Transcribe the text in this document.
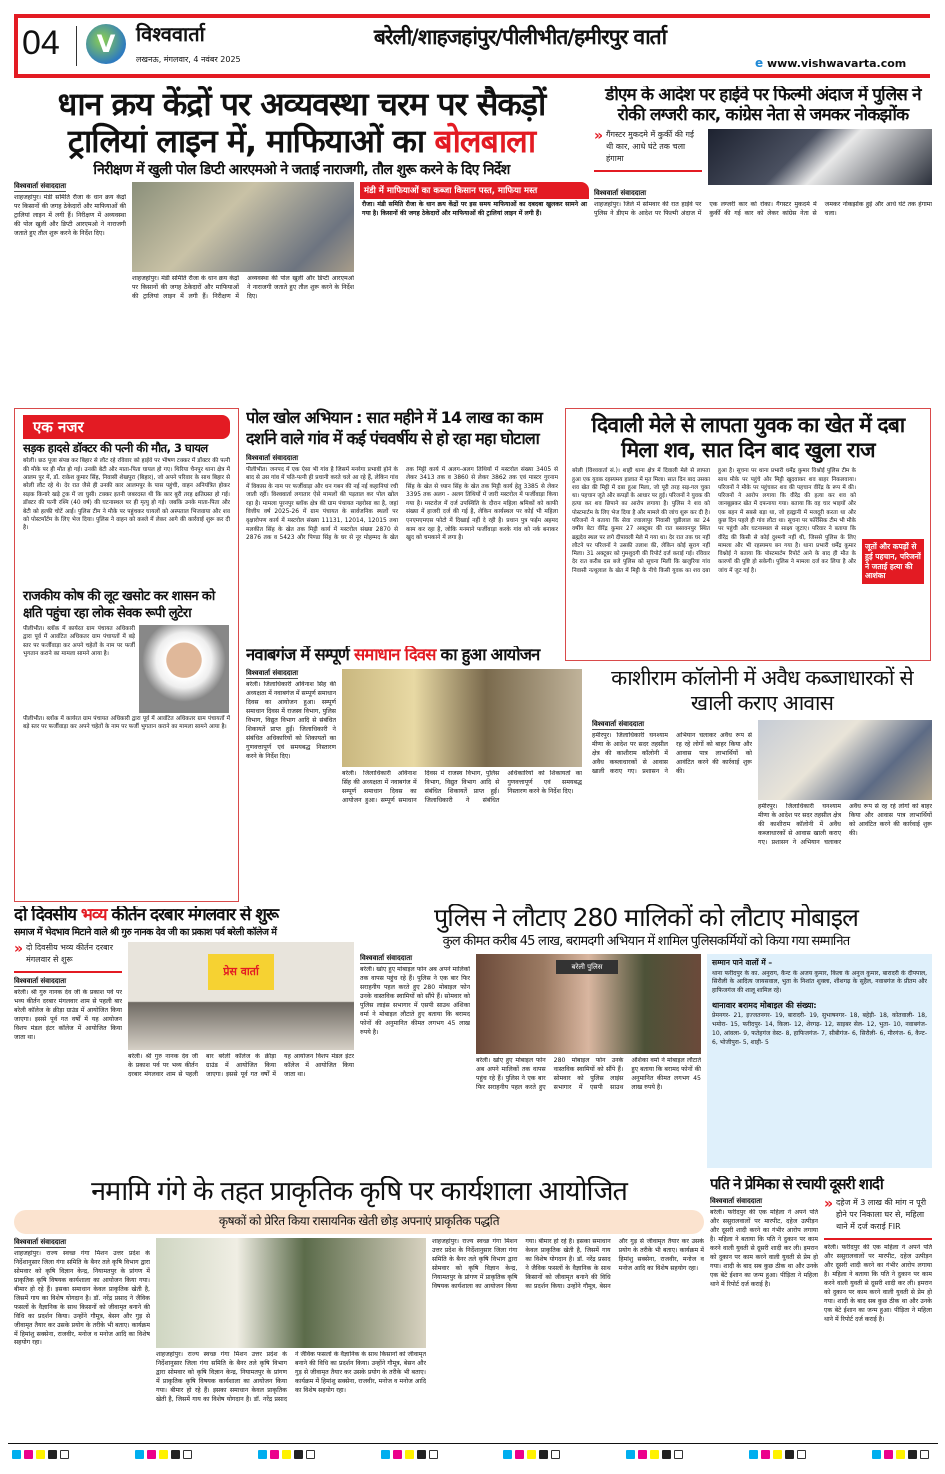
04	V	विश्ववार्ता
लखनऊ, मंगलवार, 4 नवंबर 2025
बरेली/शाहजहांपुर/पीलीभीत/हमीरपुर वार्ता
e www.vishwavarta.com
धान क्रय केंद्रों पर अव्यवस्था चरम पर सैकड़ों
ट्रालियां लाइन में, माफियाओं का बोलबाला
निरीक्षण में खुली पोल डिप्टी आरएमओ ने जताई नाराजगी, तौल शुरू करने के दिए निर्देश
विश्ववार्ता संवाददाता
शाहजहांपुर। मंडी समिति रौजा के धान क्रय केंद्रों पर किसानों की जगह ठेकेदारों और माफियाओं की ट्रालियां लाइन में लगी हैं। निरीक्षण में अव्यवस्था की पोल खुली और डिप्टी आरएमओ ने नाराजगी जताते हुए तौल शुरू करने के निर्देश दिए।
शाहजहांपुर। मंडी समिति रौजा के धान क्रय केंद्रों पर किसानों की जगह ठेकेदारों और माफियाओं की ट्रालियां लाइन में लगी हैं। निरीक्षण में अव्यवस्था की पोल खुली और डिप्टी आरएमओ ने नाराजगी जताते हुए तौल शुरू करने के निर्देश दिए।
मंडी में माफियाओं का कब्जा किसान पस्त, माफिया मस्त
रौजा। मंडी समिति रौजा के धान क्रय केंद्रों पर इस समय माफियाओं का दबदबा खुलकर सामने आ गया है। किसानों की जगह ठेकेदारों और माफियाओं की ट्रालियां लाइन में लगी हैं।
डीएम के आदेश पर हाईवे पर फिल्मी अंदाज में पुलिस ने रोकी लग्जरी कार, कांग्रेस नेता से जमकर नोकझोंक
» गैंगस्टर मुकदमे में कुर्की की गई थी कार, आधे घंटे तक चला हंगामा
विश्ववार्ता संवाददाता
शाहजहांपुर। जिले में सोमवार की रात हाईवे पर पुलिस ने डीएम के आदेश पर फिल्मी अंदाज में एक लग्जरी कार को रोका। गैंगस्टर मुकदमे में कुर्की की गई कार को लेकर कांग्रेस नेता से जमकर नोकझोंक हुई और आधे घंटे तक हंगामा चला।
एक नजर
सड़क हादसे डॉक्टर की पत्नी की मौत, 3 घायल
बरेली। छठ पूजा संपन्न कर बिहार से लौट रहे रविवार को हाईवे पर भीषण टक्कर में डॉक्टर की पत्नी की मौके पर ही मौत हो गई। उनकी बेटी और माता-पिता घायल हो गए। थिरिया चैनपुर थाना क्षेत्र में आलम पुर में, डॉ. राकेश कुमार सिंह, निवासी शेखपुरा (बिहार), जो अपने परिवार के साथ बिहार से बरेली लौट रहे थे। देर रात जैसे ही उनकी कार आलमपुर के पास पहुंची, वाहन अनियंत्रित होकर सड़क किनारे खड़े ट्रक में जा घुसी। टक्कर इतनी जबरदस्त थी कि कार बुरी तरह क्षतिग्रस्त हो गई। डॉक्टर की पत्नी रश्मि (40 वर्ष) की घटनास्थल पर ही मृत्यु हो गई। जबकि उनके माता-पिता और बेटी को हल्की चोटें आईं। पुलिस टीम ने मौके पर पहुंचकर घायलों को अस्पताल भिजवाया और शव को पोस्टमॉर्टम के लिए भेज दिया। पुलिस ने वाहन को कब्जे में लेकर आगे की कार्रवाई शुरू कर दी है।
राजकीय कोष की लूट खसोट कर शासन को क्षति पहुंचा रहा लोक सेवक रूपी लुटेरा
पीलीभीत। ब्लॉक में कार्यरत ग्राम पंचायत अधिकारी द्वारा पूर्व में आवंटित अधिकतर ग्राम पंचायतों में बड़े स्तर पर फर्जीवाड़ा कर अपने चहेतों के नाम पर फर्जी भुगतान कराने का मामला सामने आया है।
पीलीभीत। ब्लॉक में कार्यरत ग्राम पंचायत अधिकारी द्वारा पूर्व में आवंटित अधिकतर ग्राम पंचायतों में बड़े स्तर पर फर्जीवाड़ा कर अपने चहेतों के नाम पर फर्जी भुगतान कराने का मामला सामने आया है।
पोल खोल अभियान : सात महीने में 14 लाख का काम दर्शाने वाले गांव में कई पंचवर्षीय से हो रहा महा घोटाला
विश्ववार्ता संवाददाता
पीलीभीत। जनपद में एक ऐसा भी गांव है जिसमें मनरेगा प्रभावी होने के बाद से उस गांव में पति-पत्नी ही प्रधानी करते चले आ रहे हैं, लेकिन गांव में विकास के नाम पर फर्जीवाड़ा और धन गबन की नई नई कहानियां रची जाती रहीं। विश्ववार्ता लगातार ऐसे मामलों की पड़ताल कर पोल खोल रहा है। मामला पूरनपुर ब्लॉक क्षेत्र की ग्राम पंचायत नहरोसा का है, जहां वित्तीय वर्ष 2025-26 में ग्राम पंचायत के सार्वजनिक स्थलों पर वृक्षारोपण कार्य में मस्टरोल संख्या 11131, 12014, 12015 तथा मलकीत सिंह के खेत तक मिट्टी कार्य में मस्टरोल संख्या 2870 से 2876 तक व 5423 और पिण्डा सिंह के घर से नूर मोहम्मद के खेत तक मिट्टी कार्य में अलग-अलग तिथियों में मस्टरोल संख्या 3405 से लेकर 3413 तक व 3860 से लेकर 3862 तक एवं मास्टर गुरनाम सिंह के खेत से ध्यान सिंह के खेत तक मिट्टी कार्य हेतु 3385 से लेकर 3395 तक अलग - अलग तिथियों में जारी मस्टरोल में फर्जीवाड़ा किया गया है। मस्टरोल में दर्ज उपस्थिति के दौरान महिला श्रमिकों को काफी संख्या में हाजरी दर्ज की गई है, लेकिन कार्यस्थल पर कोई भी महिला एनएमएमएस फोटो में दिखाई नहीं दे रही है। प्रधान पुत्र फईम अहमद काम कर रहा है, जोकि मनमाने फर्जीवाड़ा करके गांव को नर्क बनाकर खुद को चमकाने में लगा है।
दिवाली मेले से लापता युवक का खेत में दबा मिला शव, सात दिन बाद खुला राज
बरेली (विश्ववार्ता सं.)। शाही थाना क्षेत्र में दिवाली मेले से लापता हुआ एक युवक रहस्यमय हालात में मृत मिला। सात दिन बाद उसका शव खेत की मिट्टी में दबा हुआ मिला, जो पूरी तरह सड़-गल चुका था। पहचान जूते और कपड़ों के आधार पर हुई। परिजनों ने युवक की हत्या कर शव छिपाने का आरोप लगाया है। पुलिस ने शव को पोस्टमार्टम के लिए भेज दिया है और मामले की जांच शुरू कर दी है। परिजनों ने बताया कि सेवा ज्वालापुर निवासी चुन्नीलाल का 24 वर्षीय बेटा वीरेंद्र कुमार 27 अक्टूबर की रात बसावनपुर स्थित ब्रह्मदेव स्थल पर लगे दीपावली मेले में गया था। देर रात तक घर नहीं लौटने पर परिजनों ने उसकी तलाश की, लेकिन कोई सुराग नहीं मिला। 31 अक्टूबर को गुमशुदगी की रिपोर्ट दर्ज कराई गई। रविवार देर रात करीब दस बजे पुलिस को सूचना मिली कि खजुरिया गांव निवासी नत्थूलाल के खेत में मिट्टी के नीचे किसी युवक का शव दबा हुआ है। सूचना पर थाना प्रभारी धर्मेंद्र कुमार विश्नोई पुलिस टीम के साथ मौके पर पहुंचे और मिट्टी खुदवाकर शव बाहर निकलवाया। परिजनों ने मौके पर पहुंचकर शव की पहचान वीरेंद्र के रूप में की। परिजनों ने आरोप लगाया कि वीरेंद्र की हत्या कर शव को जानबूझकर खेत में दफनाया गया। बताया कि वह चार भाइयों और एक बहन में सबसे बड़ा था, जो हल्द्वानी में मजदूरी करता था और कुछ दिन पहले ही गांव लौटा था। सूचना पर फॉरेंसिक टीम भी मौके पर पहुंची और घटनास्थल से साक्ष्य जुटाए। परिवार ने बताया कि वीरेंद्र की किसी से कोई दुश्मनी नहीं थी, जिससे पुलिस के लिए मामला और भी रहस्यमय बन गया है। थाना प्रभारी धर्मेंद्र कुमार विश्नोई ने बताया कि पोस्टमार्टम रिपोर्ट आने के बाद ही मौत के कारणों की पुष्टि हो सकेगी। पुलिस ने मामला दर्ज कर लिया है और जांच में जुट गई है।
जूतों और कपड़ों से हुई पहचान, परिजनों ने जताई हत्या की आशंका
नवाबगंज में सम्पूर्ण समाधान दिवस का हुआ आयोजन
विश्ववार्ता संवाददाता
बरेली। जिलाधिकारी अविनाश सिंह की अध्यक्षता में नवाबगंज में सम्पूर्ण समाधान दिवस का आयोजन हुआ। सम्पूर्ण समाधान दिवस में राजस्व विभाग, पुलिस विभाग, विद्युत विभाग आदि से संबंधित शिकायतें प्राप्त हुईं। जिलाधिकारी ने संबंधित अधिकारियों को शिकायतों का गुणवत्तापूर्ण एवं समयबद्ध निस्तारण करने के निर्देश दिए।
बरेली। जिलाधिकारी अविनाश सिंह की अध्यक्षता में नवाबगंज में सम्पूर्ण समाधान दिवस का आयोजन हुआ। सम्पूर्ण समाधान दिवस में राजस्व विभाग, पुलिस विभाग, विद्युत विभाग आदि से संबंधित शिकायतें प्राप्त हुईं। जिलाधिकारी ने संबंधित अधिकारियों को शिकायतों का गुणवत्तापूर्ण एवं समयबद्ध निस्तारण करने के निर्देश दिए।
काशीराम कॉलोनी में अवैध कब्जाधारकों से खाली कराए आवास
विश्ववार्ता संवाददाता
हमीरपुर। जिलाधिकारी घनश्याम मीणा के आदेश पर सदर तहसील क्षेत्र की काशीराम कॉलोनी में अवैध कब्जाधारकों से आवास खाली कराए गए। प्रशासन ने अभियान चलाकर अवैध रूप से रह रहे लोगों को बाहर किया और आवास पात्र लाभार्थियों को आवंटित करने की कार्रवाई शुरू की।
हमीरपुर। जिलाधिकारी घनश्याम मीणा के आदेश पर सदर तहसील क्षेत्र की काशीराम कॉलोनी में अवैध कब्जाधारकों से आवास खाली कराए गए। प्रशासन ने अभियान चलाकर अवैध रूप से रह रहे लोगों को बाहर किया और आवास पात्र लाभार्थियों को आवंटित करने की कार्रवाई शुरू की।
दो दिवसीय भव्य कीर्तन दरबार मंगलवार से शुरू
समाज में भेदभाव मिटाने वाले श्री गुरु नानक देव जी का प्रकाश पर्व बरेली कॉलेज में
» दो दिवसीय भव्य कीर्तन दरबार मंगलवार से शुरू
विश्ववार्ता संवाददाता
बरेली। श्री गुरु नानक देव जी के प्रकाश पर्व पर भव्य कीर्तन दरबार मंगलवार शाम से पहली बार बरेली कॉलेज के क्रीड़ा ग्राउंड में आयोजित किया जाएगा। इससे पूर्व गत वर्षों में यह आयोजन विशप मंडल इंटर कॉलेज में आयोजित किया जाता था।
प्रेस वार्ता
बरेली। श्री गुरु नानक देव जी के प्रकाश पर्व पर भव्य कीर्तन दरबार मंगलवार शाम से पहली बार बरेली कॉलेज के क्रीड़ा ग्राउंड में आयोजित किया जाएगा। इससे पूर्व गत वर्षों में यह आयोजन विशप मंडल इंटर कॉलेज में आयोजित किया जाता था।
पुलिस ने लौटाए 280 मालिकों को लौटाए मोबाइल
कुल कीमत करीब 45 लाख, बरामदगी अभियान में शामिल पुलिसकर्मियों को किया गया सम्मानित
विश्ववार्ता संवाददाता
बरेली। खोए हुए मोबाइल फोन अब अपने मालिकों तक वापस पहुंच रहे हैं। पुलिस ने एक बार फिर सराहनीय पहल करते हुए 280 मोबाइल फोन उनके वास्तविक स्वामियों को सौंपे हैं। सोमवार को पुलिस लाइंस सभागार में एसपी साउथ अंशिका वर्मा ने मोबाइल लौटाते हुए बताया कि बरामद फोनों की अनुमानित कीमत लगभग 45 लाख रुपये है।
बरेली पुलिस
बरेली। खोए हुए मोबाइल फोन अब अपने मालिकों तक वापस पहुंच रहे हैं। पुलिस ने एक बार फिर सराहनीय पहल करते हुए 280 मोबाइल फोन उनके वास्तविक स्वामियों को सौंपे हैं। सोमवार को पुलिस लाइंस सभागार में एसपी साउथ अंशिका वर्मा ने मोबाइल लौटाते हुए बताया कि बरामद फोनों की अनुमानित कीमत लगभग 45 लाख रुपये है।
सम्मान पाने वालों में –
थाना फरीदपुर के का. अनुराग, कैन्ट के अजय कुमार, किला के अनुज कुमार, बारादरी के दीपपाल, सिरौली के आदित्य जायसवाल, भुता के निशांत शुक्ला, शीशगढ़ के सुहैल, नवाबगंज के प्रीतम और हाफिजगंज की शालू शामिल रहे।
थानावार बरामद मोबाइल की संख्या:
प्रेमनगर- 21, इज्जतनगर- 19, बारादरी- 19, सुभाषनगर- 18, बहेड़ी- 18, कोतवाली- 18, भमोरा- 15, फरीदपुर- 14, किला- 12, शेरगढ़- 12, साइबर सेल- 12, भुता- 10, नवाबगंज- 10, आंवला- 9, फतेहगंज वेस्ट- 8, हाफिजगंज- 7, सीबीगंज- 6, सिरौली- 6, मीरगंज- 6, कैन्ट- 6, भोजीपुरा- 5, शाही- 5
नमामि गंगे के तहत प्राकृतिक कृषि पर कार्यशाला आयोजित
कृषकों को प्रेरित किया रासायनिक खेती छोड़ अपनाएं प्राकृतिक पद्धति
विश्ववार्ता संवाददाता
शाहजहांपुर। राज्य स्वच्छ गंगा मिशन उत्तर प्रदेश के निर्देशानुसार जिला गंगा समिति के बैनर तले कृषि विभाग द्वारा सोमवार को कृषि विज्ञान केन्द्र, नियामतपुर के प्रांगण में प्राकृतिक कृषि विषयक कार्यशाला का आयोजन किया गया। बीमार हो रहे हैं। इसका समाधान केवल प्राकृतिक खेती है, जिसमें गाय का विशेष योगदान है। डॉ. नरेंद्र प्रसाद ने जैविक फसलों के वैज्ञानिक के साथ किसानों को जीवामृत बनाने की विधि का प्रदर्शन किया। उन्होंने गौमूत्र, बेसन और गुड़ से जीवामृत तैयार कर उसके प्रयोग के तरीके भी बताए। कार्यक्रम में हिमांशु सक्सेना, राजवीर, मनोज व मनोज आदि का विशेष सहयोग रहा।
शाहजहांपुर। राज्य स्वच्छ गंगा मिशन उत्तर प्रदेश के निर्देशानुसार जिला गंगा समिति के बैनर तले कृषि विभाग द्वारा सोमवार को कृषि विज्ञान केन्द्र, नियामतपुर के प्रांगण में प्राकृतिक कृषि विषयक कार्यशाला का आयोजन किया गया। बीमार हो रहे हैं। इसका समाधान केवल प्राकृतिक खेती है, जिसमें गाय का विशेष योगदान है। डॉ. नरेंद्र प्रसाद ने जैविक फसलों के वैज्ञानिक के साथ किसानों को जीवामृत बनाने की विधि का प्रदर्शन किया। उन्होंने गौमूत्र, बेसन और गुड़ से जीवामृत तैयार कर उसके प्रयोग के तरीके भी बताए। कार्यक्रम में हिमांशु सक्सेना, राजवीर, मनोज व मनोज आदि का विशेष सहयोग रहा।
शाहजहांपुर। राज्य स्वच्छ गंगा मिशन उत्तर प्रदेश के निर्देशानुसार जिला गंगा समिति के बैनर तले कृषि विभाग द्वारा सोमवार को कृषि विज्ञान केन्द्र, नियामतपुर के प्रांगण में प्राकृतिक कृषि विषयक कार्यशाला का आयोजन किया गया। बीमार हो रहे हैं। इसका समाधान केवल प्राकृतिक खेती है, जिसमें गाय का विशेष योगदान है। डॉ. नरेंद्र प्रसाद ने जैविक फसलों के वैज्ञानिक के साथ किसानों को जीवामृत बनाने की विधि का प्रदर्शन किया। उन्होंने गौमूत्र, बेसन और गुड़ से जीवामृत तैयार कर उसके प्रयोग के तरीके भी बताए। कार्यक्रम में हिमांशु सक्सेना, राजवीर, मनोज व मनोज आदि का विशेष सहयोग रहा।
पति ने प्रेमिका से रचायी दूसरी शादी
विश्ववार्ता संवाददाता
बरेली। फरीदपुर की एक महिला ने अपने पति और ससुरालवालों पर मारपीट, दहेज उत्पीड़न और दूसरी शादी करने का गंभीर आरोप लगाया है। महिला ने बताया कि पति ने दुकान पर काम करने वाली युवती से दूसरी शादी कर ली। इमरान को दुकान पर काम करने वाली युवती से प्रेम हो गया। शादी के बाद सब कुछ ठीक था और उनके एक बेटे ईशान का जन्म हुआ। पीड़िता ने महिला थाने में रिपोर्ट दर्ज कराई है।
» दहेज में 3 लाख की मांग न पूरी होने पर निकाला घर से, महिला थाने में दर्ज कराई FIR
बरेली। फरीदपुर की एक महिला ने अपने पति और ससुरालवालों पर मारपीट, दहेज उत्पीड़न और दूसरी शादी करने का गंभीर आरोप लगाया है। महिला ने बताया कि पति ने दुकान पर काम करने वाली युवती से दूसरी शादी कर ली। इमरान को दुकान पर काम करने वाली युवती से प्रेम हो गया। शादी के बाद सब कुछ ठीक था और उनके एक बेटे ईशान का जन्म हुआ। पीड़िता ने महिला थाने में रिपोर्ट दर्ज कराई है।
